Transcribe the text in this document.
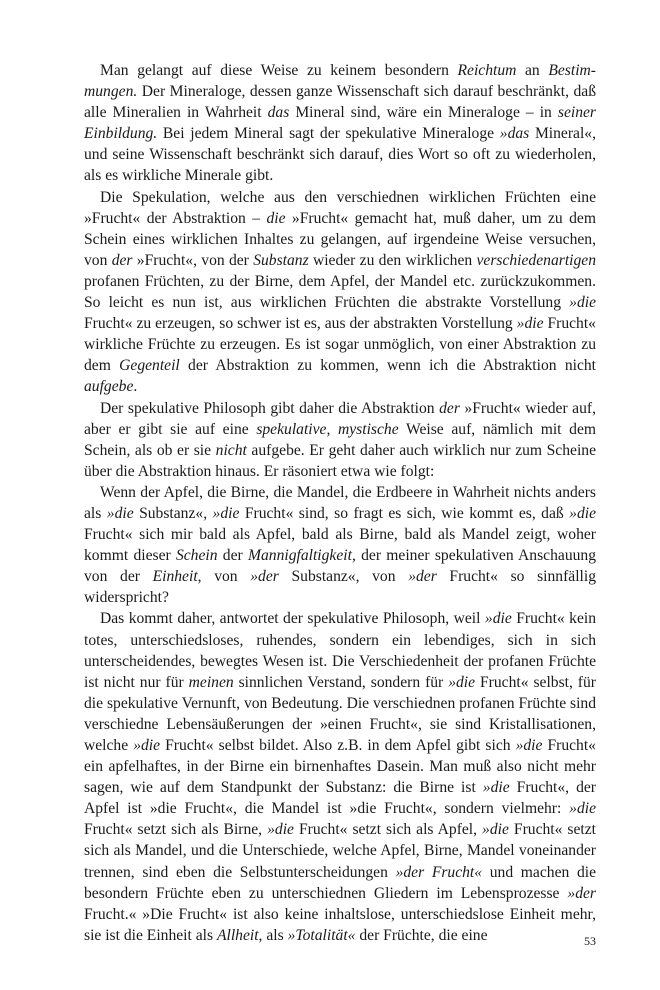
Man gelangt auf diese Weise zu keinem besondern Reichtum an Bestimmungen. Der Mineraloge, dessen ganze Wissenschaft sich darauf beschränkt, daß alle Mineralien in Wahrheit das Mineral sind, wäre ein Mineraloge – in seiner Einbildung. Bei jedem Mineral sagt der spekulative Mineraloge »das Mineral«, und seine Wissenschaft beschränkt sich darauf, dies Wort so oft zu wiederholen, als es wirkliche Minerale gibt.

Die Spekulation, welche aus den verschiednen wirklichen Früchten eine »Frucht« der Abstraktion – die »Frucht« gemacht hat, muß daher, um zu dem Schein eines wirklichen Inhaltes zu gelangen, auf irgendeine Weise versuchen, von der »Frucht«, von der Substanz wieder zu den wirklichen verschiedenartigen profanen Früchten, zu der Birne, dem Apfel, der Mandel etc. zurückzukommen. So leicht es nun ist, aus wirklichen Früchten die abstrakte Vorstellung »die Frucht« zu erzeugen, so schwer ist es, aus der abstrakten Vorstellung »die Frucht« wirkliche Früchte zu erzeugen. Es ist sogar unmöglich, von einer Abstraktion zu dem Gegenteil der Abstraktion zu kommen, wenn ich die Abstraktion nicht aufgebe.

Der spekulative Philosoph gibt daher die Abstraktion der »Frucht« wieder auf, aber er gibt sie auf eine spekulative, mystische Weise auf, nämlich mit dem Schein, als ob er sie nicht aufgebe. Er geht daher auch wirklich nur zum Scheine über die Abstraktion hinaus. Er räsoniert etwa wie folgt:

Wenn der Apfel, die Birne, die Mandel, die Erdbeere in Wahrheit nichts anders als »die Substanz«, »die Frucht« sind, so fragt es sich, wie kommt es, daß »die Frucht« sich mir bald als Apfel, bald als Birne, bald als Mandel zeigt, woher kommt dieser Schein der Mannigfaltigkeit, der meiner spekulativen Anschauung von der Einheit, von »der Substanz«, von »der Frucht« so sinnfällig widerspricht?

Das kommt daher, antwortet der spekulative Philosoph, weil »die Frucht« kein totes, unterschiedsloses, ruhendes, sondern ein lebendiges, sich in sich unterscheidendes, bewegtes Wesen ist. Die Verschiedenheit der profanen Früchte ist nicht nur für meinen sinnlichen Verstand, sondern für »die Frucht« selbst, für die spekulative Vernunft, von Bedeutung. Die verschiednen profanen Früchte sind verschiedne Lebensäußerungen der »einen Frucht«, sie sind Kristallisationen, welche »die Frucht« selbst bildet. Also z.B. in dem Apfel gibt sich »die Frucht« ein apfelhaftes, in der Birne ein birnenhaftes Dasein. Man muß also nicht mehr sagen, wie auf dem Standpunkt der Substanz: die Birne ist »die Frucht«, der Apfel ist »die Frucht«, die Mandel ist »die Frucht«, sondern vielmehr: »die Frucht« setzt sich als Birne, »die Frucht« setzt sich als Apfel, »die Frucht« setzt sich als Mandel, und die Unterschiede, welche Apfel, Birne, Mandel voneinander trennen, sind eben die Selbstunterscheidungen »der Frucht« und machen die besondern Früchte eben zu unterschiednen Gliedern im Lebensprozesse »der Frucht.« »Die Frucht« ist also keine inhaltslose, unterschiedslose Einheit mehr, sie ist die Einheit als Allheit, als »Totalität« der Früchte, die eine	53
